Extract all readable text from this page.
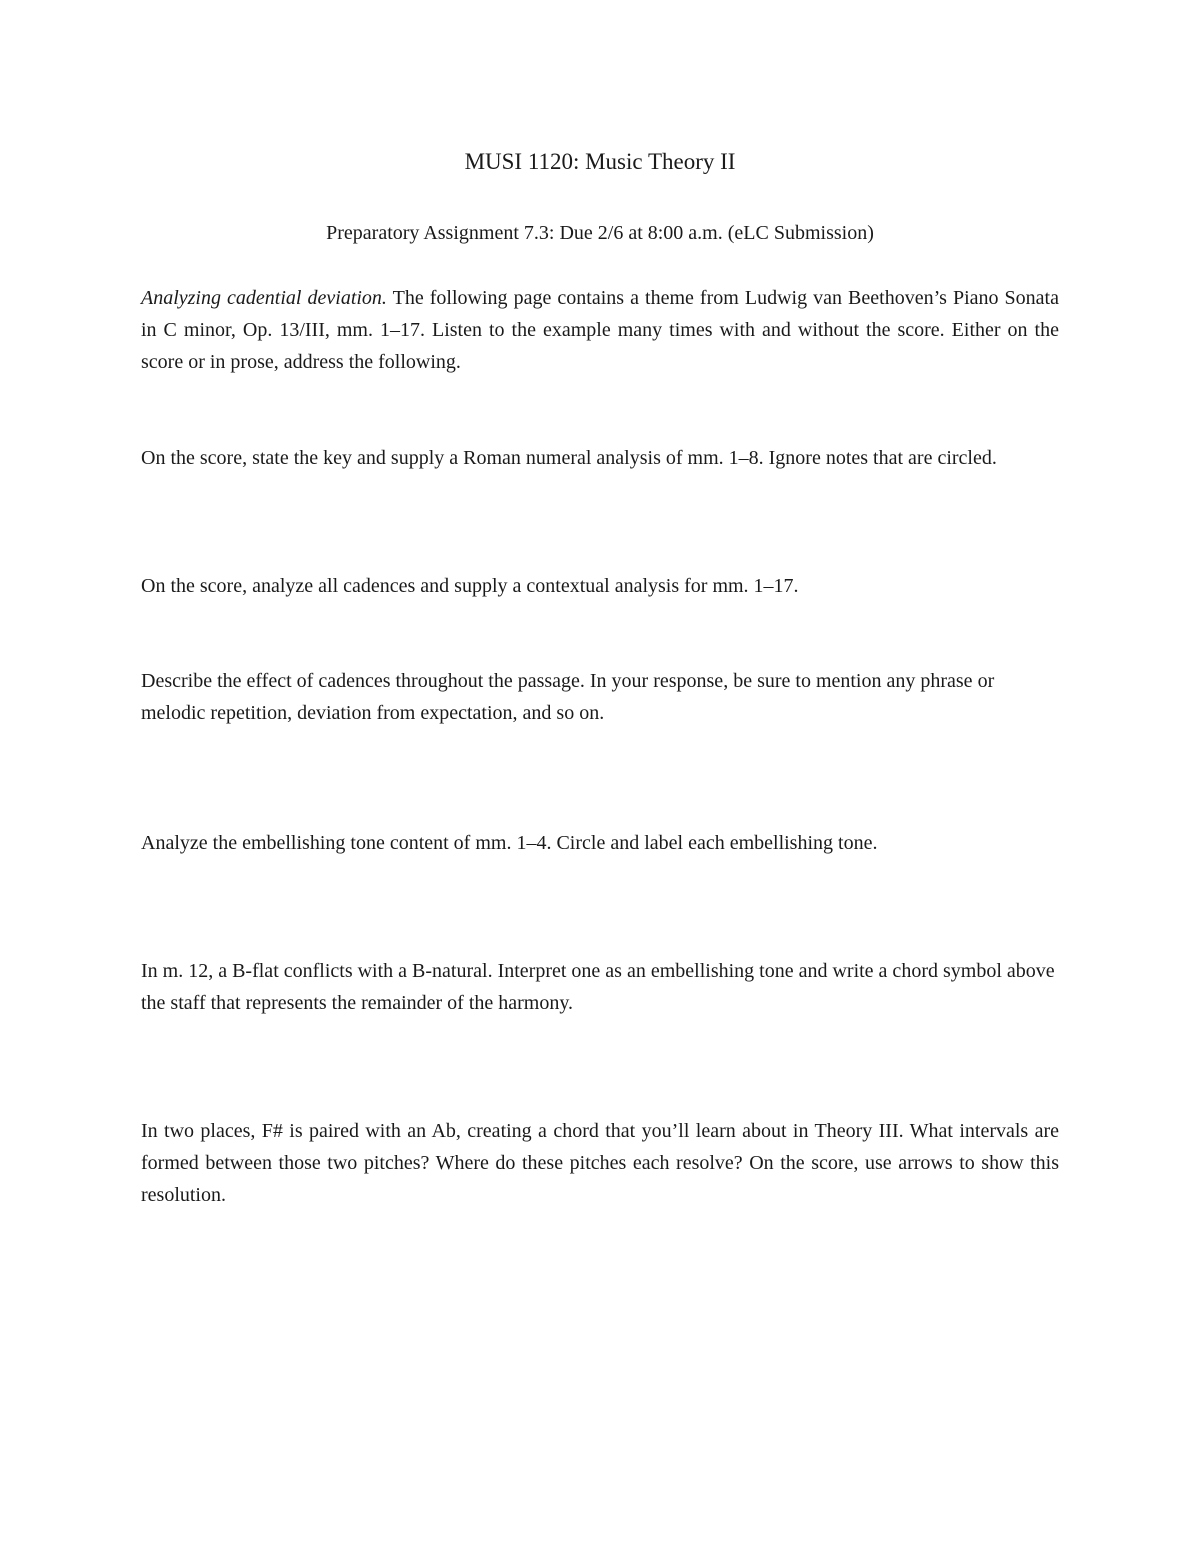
MUSI 1120: Music Theory II
Preparatory Assignment 7.3: Due 2/6 at 8:00 a.m. (eLC Submission)

Analyzing cadential deviation. The following page contains a theme from Ludwig van Beethoven’s Piano Sonata in C minor, Op. 13/III, mm. 1–17. Listen to the example many times with and without the score. Either on the score or in prose, address the following.

On the score, state the key and supply a Roman numeral analysis of mm. 1–8. Ignore notes that are circled.

On the score, analyze all cadences and supply a contextual analysis for mm. 1–17.

Describe the effect of cadences throughout the passage. In your response, be sure to mention any phrase or melodic repetition, deviation from expectation, and so on.

Analyze the embellishing tone content of mm. 1–4. Circle and label each embellishing tone.

In m. 12, a B-flat conflicts with a B-natural. Interpret one as an embellishing tone and write a chord symbol above the staff that represents the remainder of the harmony.

In two places, F# is paired with an Ab, creating a chord that you’ll learn about in Theory III. What intervals are formed between those two pitches? Where do these pitches each resolve? On the score, use arrows to show this resolution.
